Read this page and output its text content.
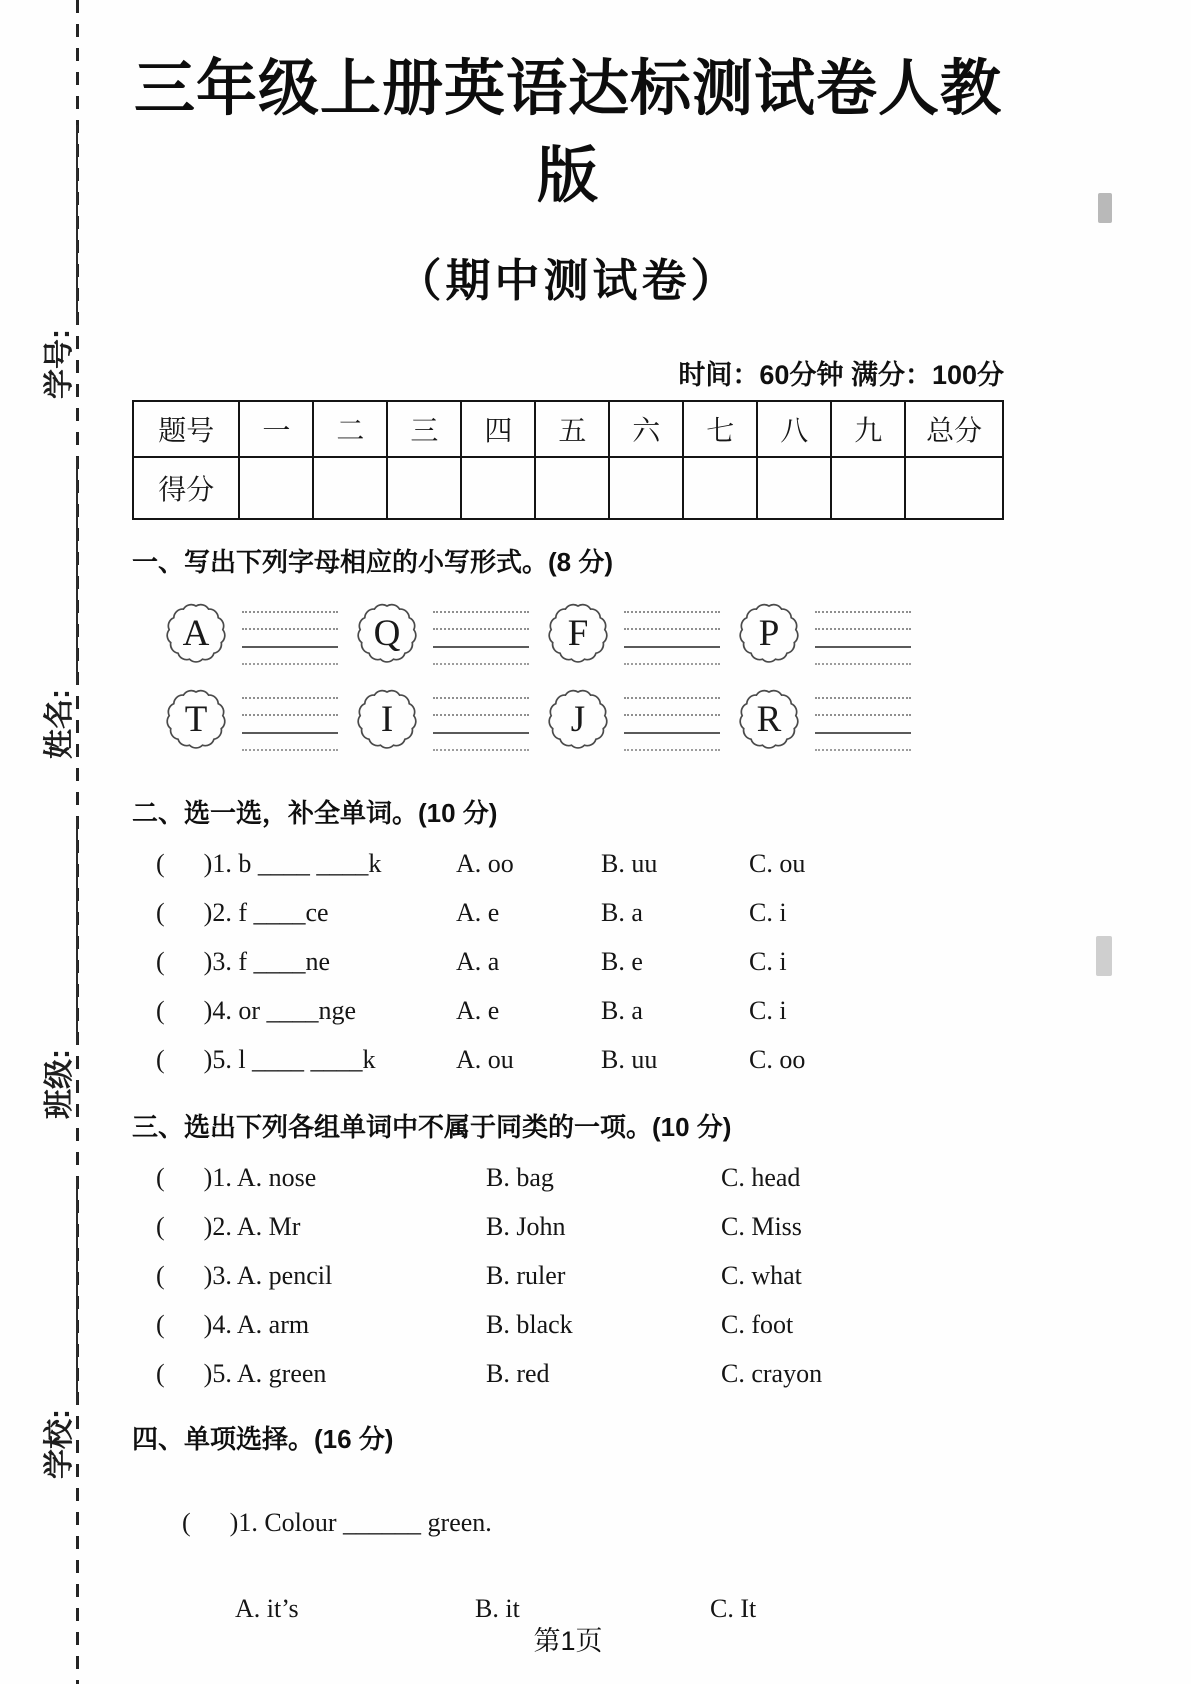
学校:
班级:
姓名:
学号:
三年级上册英语达标测试卷人教版
（期中测试卷）
时间：60分钟 满分：100分
题号	一	二	三	四	五	六	七	八	九	总分
得分										
一、写出下列字母相应的小写形式。(8 分)
A	Q	F	P
T	I	J	R
二、选一选，补全单词。(10 分)
(      )1. b ____ ____k	A. oo	B. uu	C. ou
(      )2. f ____ce	A. e	B. a	C. i
(      )3. f ____ne	A. a	B. e	C. i
(      )4. or ____nge	A. e	B. a	C. i
(      )5. l ____ ____k	A. ou	B. uu	C. oo
三、选出下列各组单词中不属于同类的一项。(10 分)
(      )1. A. nose	B. bag	C. head
(      )2. A. Mr	B. John	C. Miss
(      )3. A. pencil	B. ruler	C. what
(      )4. A. arm	B. black	C. foot
(      )5. A. green	B. red	C. crayon
四、单项选择。(16 分)

(      )1. Colour ______ green.

A. it’s	B. it	C. It
第1页
